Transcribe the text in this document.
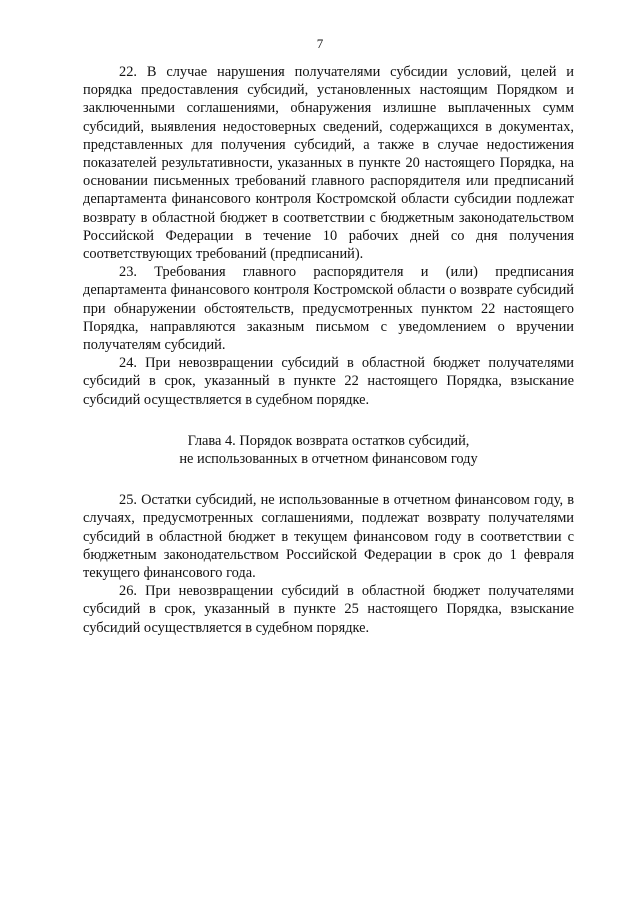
7

22. В случае нарушения получателями субсидии условий, целей и порядка предоставления субсидий, установленных настоящим Порядком и заключенными соглашениями, обнаружения излишне выплаченных сумм субсидий, выявления недостоверных сведений, содержащихся в документах, представленных для получения субсидий, а также в случае недостижения показателей результативности, указанных в пункте 20 настоящего Порядка, на основании письменных требований главного распорядителя или предписаний департамента финансового контроля Костромской области субсидии подлежат возврату в областной бюджет в соответствии с бюджетным законодательством Российской Федерации в течение 10 рабочих дней со дня получения соответствующих требований (предписаний).

23. Требования главного распорядителя и (или) предписания департамента финансового контроля Костромской области о возврате субсидий при обнаружении обстоятельств, предусмотренных пунктом 22 настоящего Порядка, направляются заказным письмом с уведомлением о вручении получателям субсидий.

24. При невозвращении субсидий в областной бюджет получателями субсидий в срок, указанный в пункте 22 настоящего Порядка, взыскание субсидий осуществляется в судебном порядке.

Глава 4. Порядок возврата остатков субсидий,
не использованных в отчетном финансовом году

25. Остатки субсидий, не использованные в отчетном финансовом году, в случаях, предусмотренных соглашениями, подлежат возврату получателями субсидий в областной бюджет в текущем финансовом году в соответствии с бюджетным законодательством Российской Федерации в срок до 1 февраля текущего финансового года.

26. При невозвращении субсидий в областной бюджет получателями субсидий в срок, указанный в пункте 25 настоящего Порядка, взыскание субсидий осуществляется в судебном порядке.
